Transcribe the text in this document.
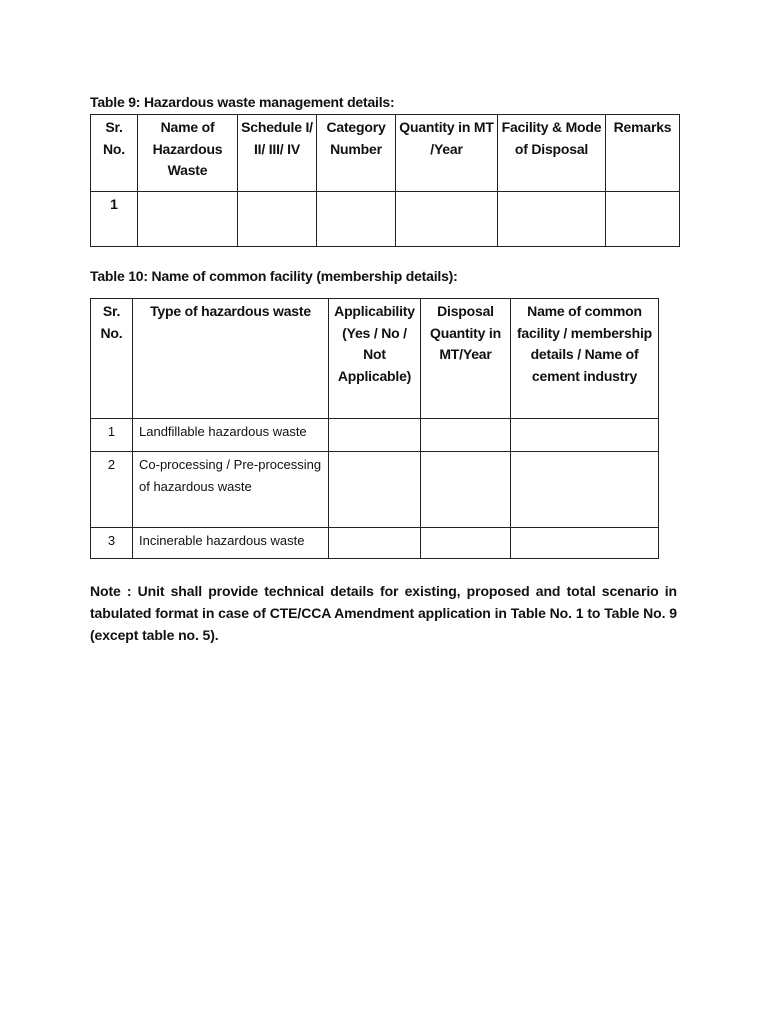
Table 9: Hazardous waste management details:
Sr. No.	Name of Hazardous Waste	Schedule I/ II/ III/ IV	Category Number	Quantity in MT /Year	Facility & Mode of Disposal	Remarks
1						
Table 10: Name of common facility (membership details):
Sr. No.	Type of hazardous waste	Applicability (Yes / No / Not Applicable)	Disposal Quantity in MT/Year	Name of common facility / membership details / Name of cement industry
1	Landfillable hazardous waste			
2	Co-processing / Pre-processing of hazardous waste			
3	Incinerable hazardous waste			

Note : Unit shall provide technical details for existing, proposed and total scenario in tabulated format in case of CTE/CCA Amendment application in Table No. 1 to Table No. 9 (except table no. 5).
